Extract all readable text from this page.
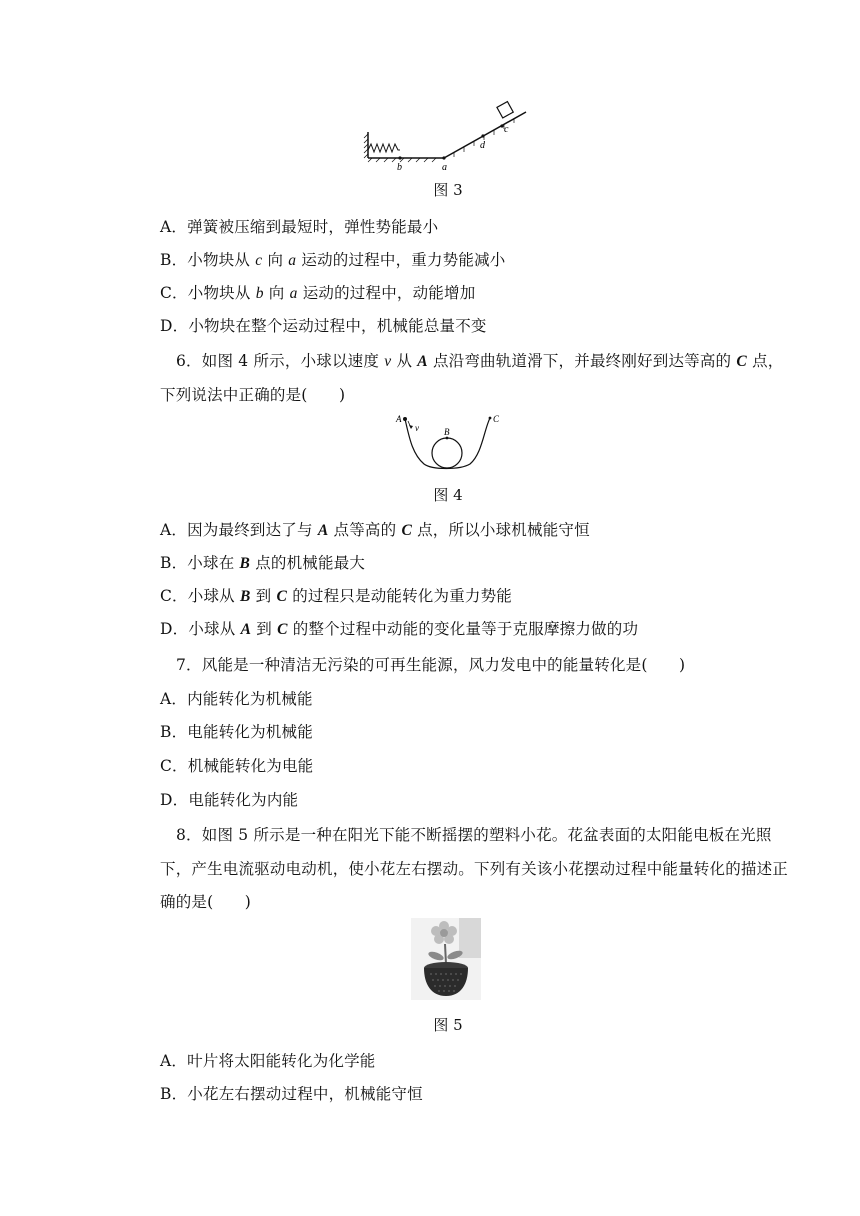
b	a
d
c
图 3
A．弹簧被压缩到最短时，弹性势能最小
B．小物块从 c 向 a 运动的过程中，重力势能减小
C．小物块从 b 向 a 运动的过程中，动能增加
D．小物块在整个运动过程中，机械能总量不变
6．如图 4 所示，小球以速度 v 从 A 点沿弯曲轨道滑下，并最终刚好到达等高的 C 点，
下列说法中正确的是(　　)
A
v	B
C
图 4
A．因为最终到达了与 A 点等高的 C 点，所以小球机械能守恒
B．小球在 B 点的机械能最大
C．小球从 B 到 C 的过程只是动能转化为重力势能
D．小球从 A 到 C 的整个过程中动能的变化量等于克服摩擦力做的功
7．风能是一种清洁无污染的可再生能源，风力发电中的能量转化是(　　)
A．内能转化为机械能
B．电能转化为机械能
C．机械能转化为电能
D．电能转化为内能
8．如图 5 所示是一种在阳光下能不断摇摆的塑料小花。花盆表面的太阳能电板在光照
下，产生电流驱动电动机，使小花左右摆动。下列有关该小花摆动过程中能量转化的描述正
确的是(　　)
图 5
A．叶片将太阳能转化为化学能
B．小花左右摆动过程中，机械能守恒
